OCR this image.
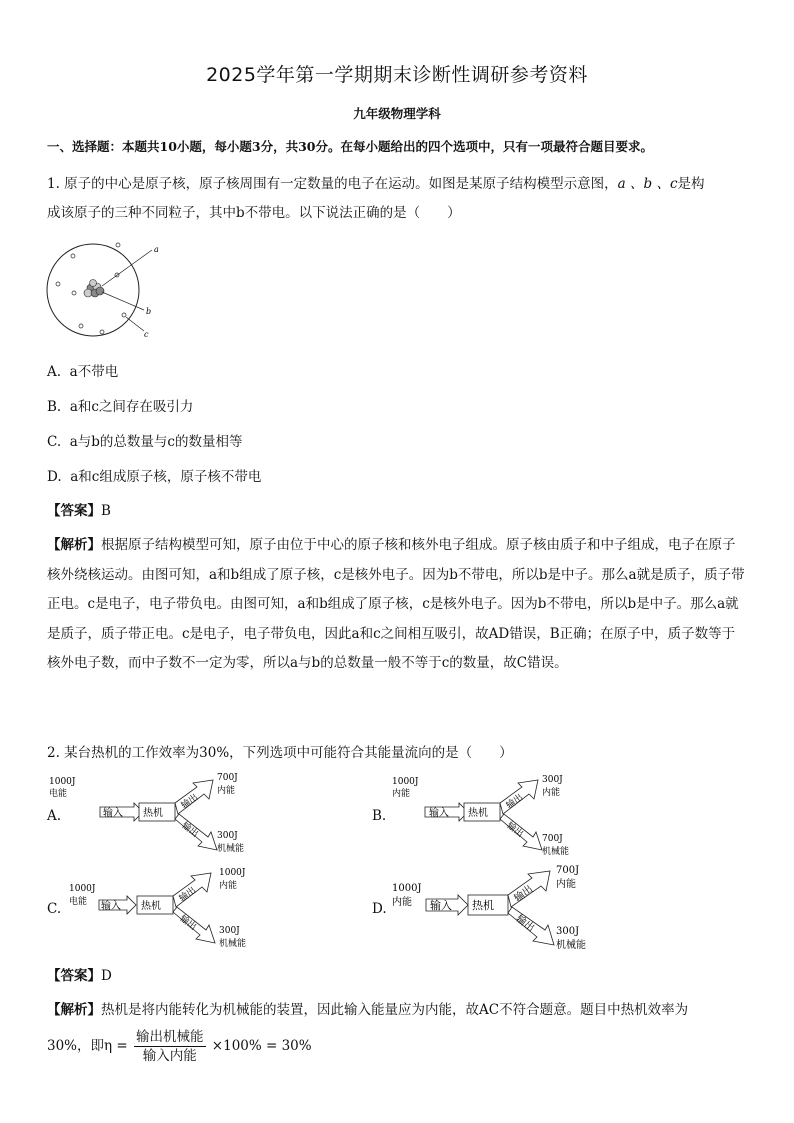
2025学年第一学期期末诊断性调研参考资料
九年级物理学科
一、选择题：本题共10小题，每小题3分，共30分。在每小题给出的四个选项中，只有一项最符合题目要求。
1. 原子的中心是原子核，原子核周围有一定数量的电子在运动。如图是某原子结构模型示意图，a 、b 、c是构
成该原子的三种不同粒子，其中b不带电。以下说法正确的是（　　）
a
b
c
A. a不带电
B. a和c之间存在吸引力
C. a与b的总数量与c的数量相等
D. a和c组成原子核，原子核不带电
【答案】B
【解析】根据原子结构模型可知，原子由位于中心的原子核和核外电子组成。原子核由质子和中子组成，电子在原子核外绕核运动。由图可知，a和b组成了原子核，c是核外电子。因为b不带电，所以b是中子。那么a就是质子，质子带正电。c是电子，电子带负电。由图可知，a和b组成了原子核，c是核外电子。因为b不带电，所以b是中子。那么a就是质子，质子带正电。c是电子，电子带负电，因此a和c之间相互吸引，故AD错误，B正确；在原子中，质子数等于核外电子数，而中子数不一定为零，所以a与b的总数量一般不等于c的数量，故C错误。
2. 某台热机的工作效率为30%，下列选项中可能符合其能量流向的是（　　）
1000J
电能
输入 热机
输出
输出
700J
内能
300J
机械能
A.
1000J
内能
输入 热机
输出
输出
300J
内能
700J
机械能
B.
1000J
电能 输入 热机
输出
输出
1000J
内能
300J
机械能
C.
1000J
内能 输入 热机
输出
输出
700J
内能
300J
机械能
D.
【答案】D
【解析】热机是将内能转化为机械能的装置，因此输入能量应为内能，故AC不符合题意。题目中热机效率为
30%，即$\eta = \frac{\text{输出机械能}}{\text{输入内能}} \times 100\% = 30\%$
